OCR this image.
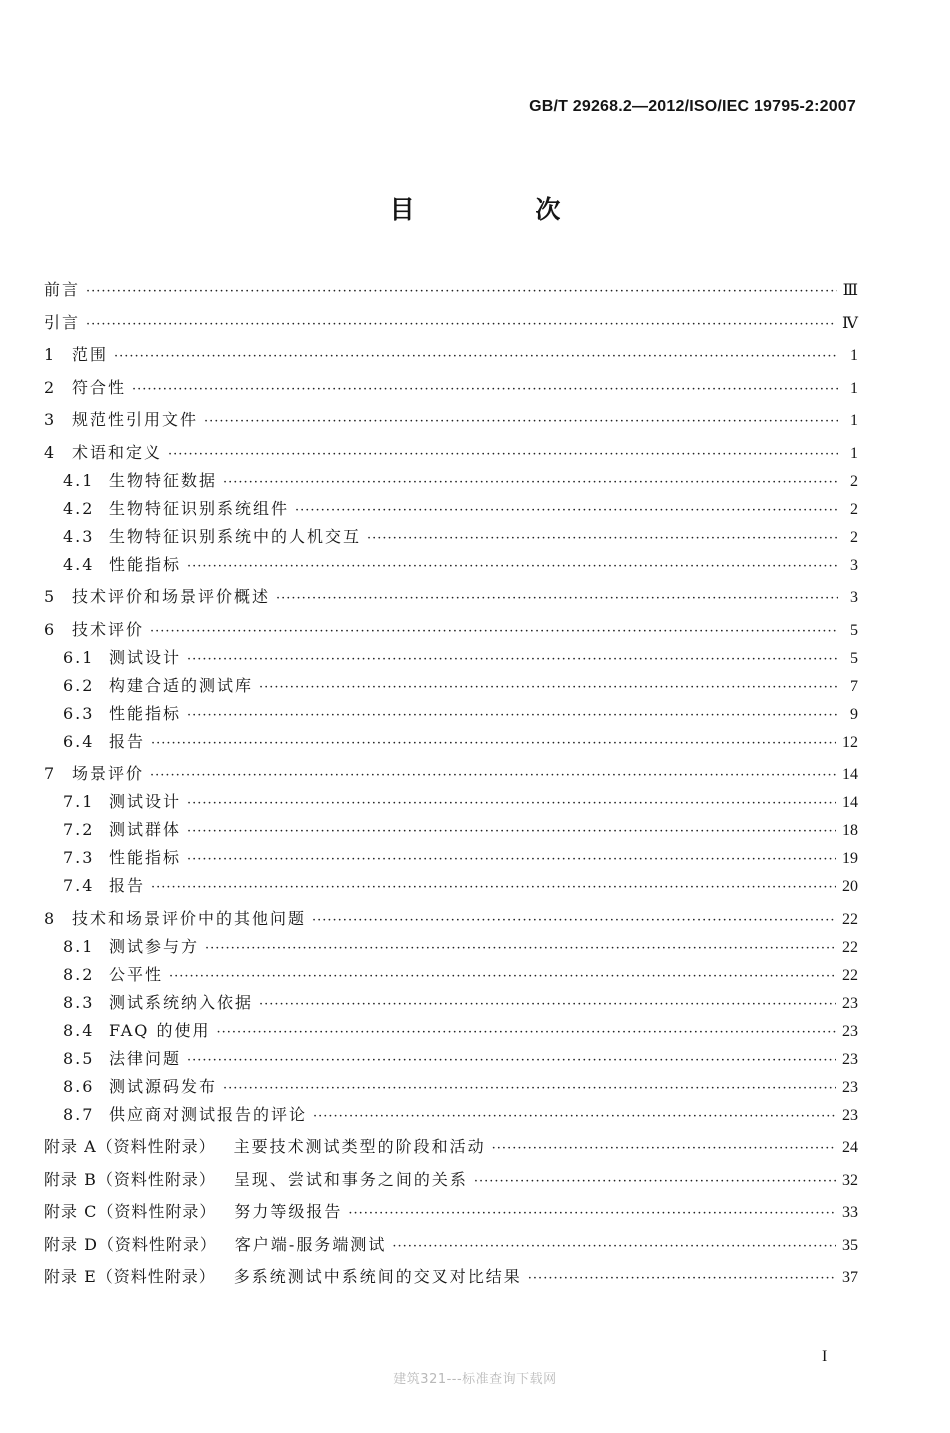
GB/T 29268.2—2012/ISO/IEC 19795-2:2007
目 次
前言 ·····	Ⅲ
引言 ·····	Ⅳ
1	范围 ·····	1
2	符合性 ·····	1
3	规范性引用文件 ·····	1
4	术语和定义 ·····	1
4.1 生物特征数据 ·····	2
4.2 生物特征识别系统组件 ·····	2
4.3 生物特征识别系统中的人机交互 ·····	2
4.4 性能指标 ·····	3
5	技术评价和场景评价概述 ·····	3
6	技术评价 ·····	5
6.1 测试设计 ·····	5
6.2 构建合适的测试库 ·····	7
6.3 性能指标 ·····	9
6.4 报告 ·····	12
7	场景评价 ·····	14
7.1 测试设计 ·····	14
7.2 测试群体 ·····	18
7.3 性能指标 ·····	19
7.4 报告 ·····	20
8	技术和场景评价中的其他问题 ·····	22
8.1 测试参与方 ·····	22
8.2 公平性 ·····	22
8.3 测试系统纳入依据 ·····	23
8.4 FAQ 的使用 ·····	23
8.5 法律问题 ·····	23
8.6 测试源码发布 ·····	23
8.7 供应商对测试报告的评论 ·····	23
附录 A（资料性附录） 主要技术测试类型的阶段和活动 ·····	24
附录 B（资料性附录） 呈现、尝试和事务之间的关系 ·····	32
附录 C（资料性附录） 努力等级报告 ·····	33
附录 D（资料性附录） 客户端-服务端测试 ·····	35
附录 E（资料性附录） 多系统测试中系统间的交叉对比结果 ·····	37
I
建筑321---标准查询下载网
